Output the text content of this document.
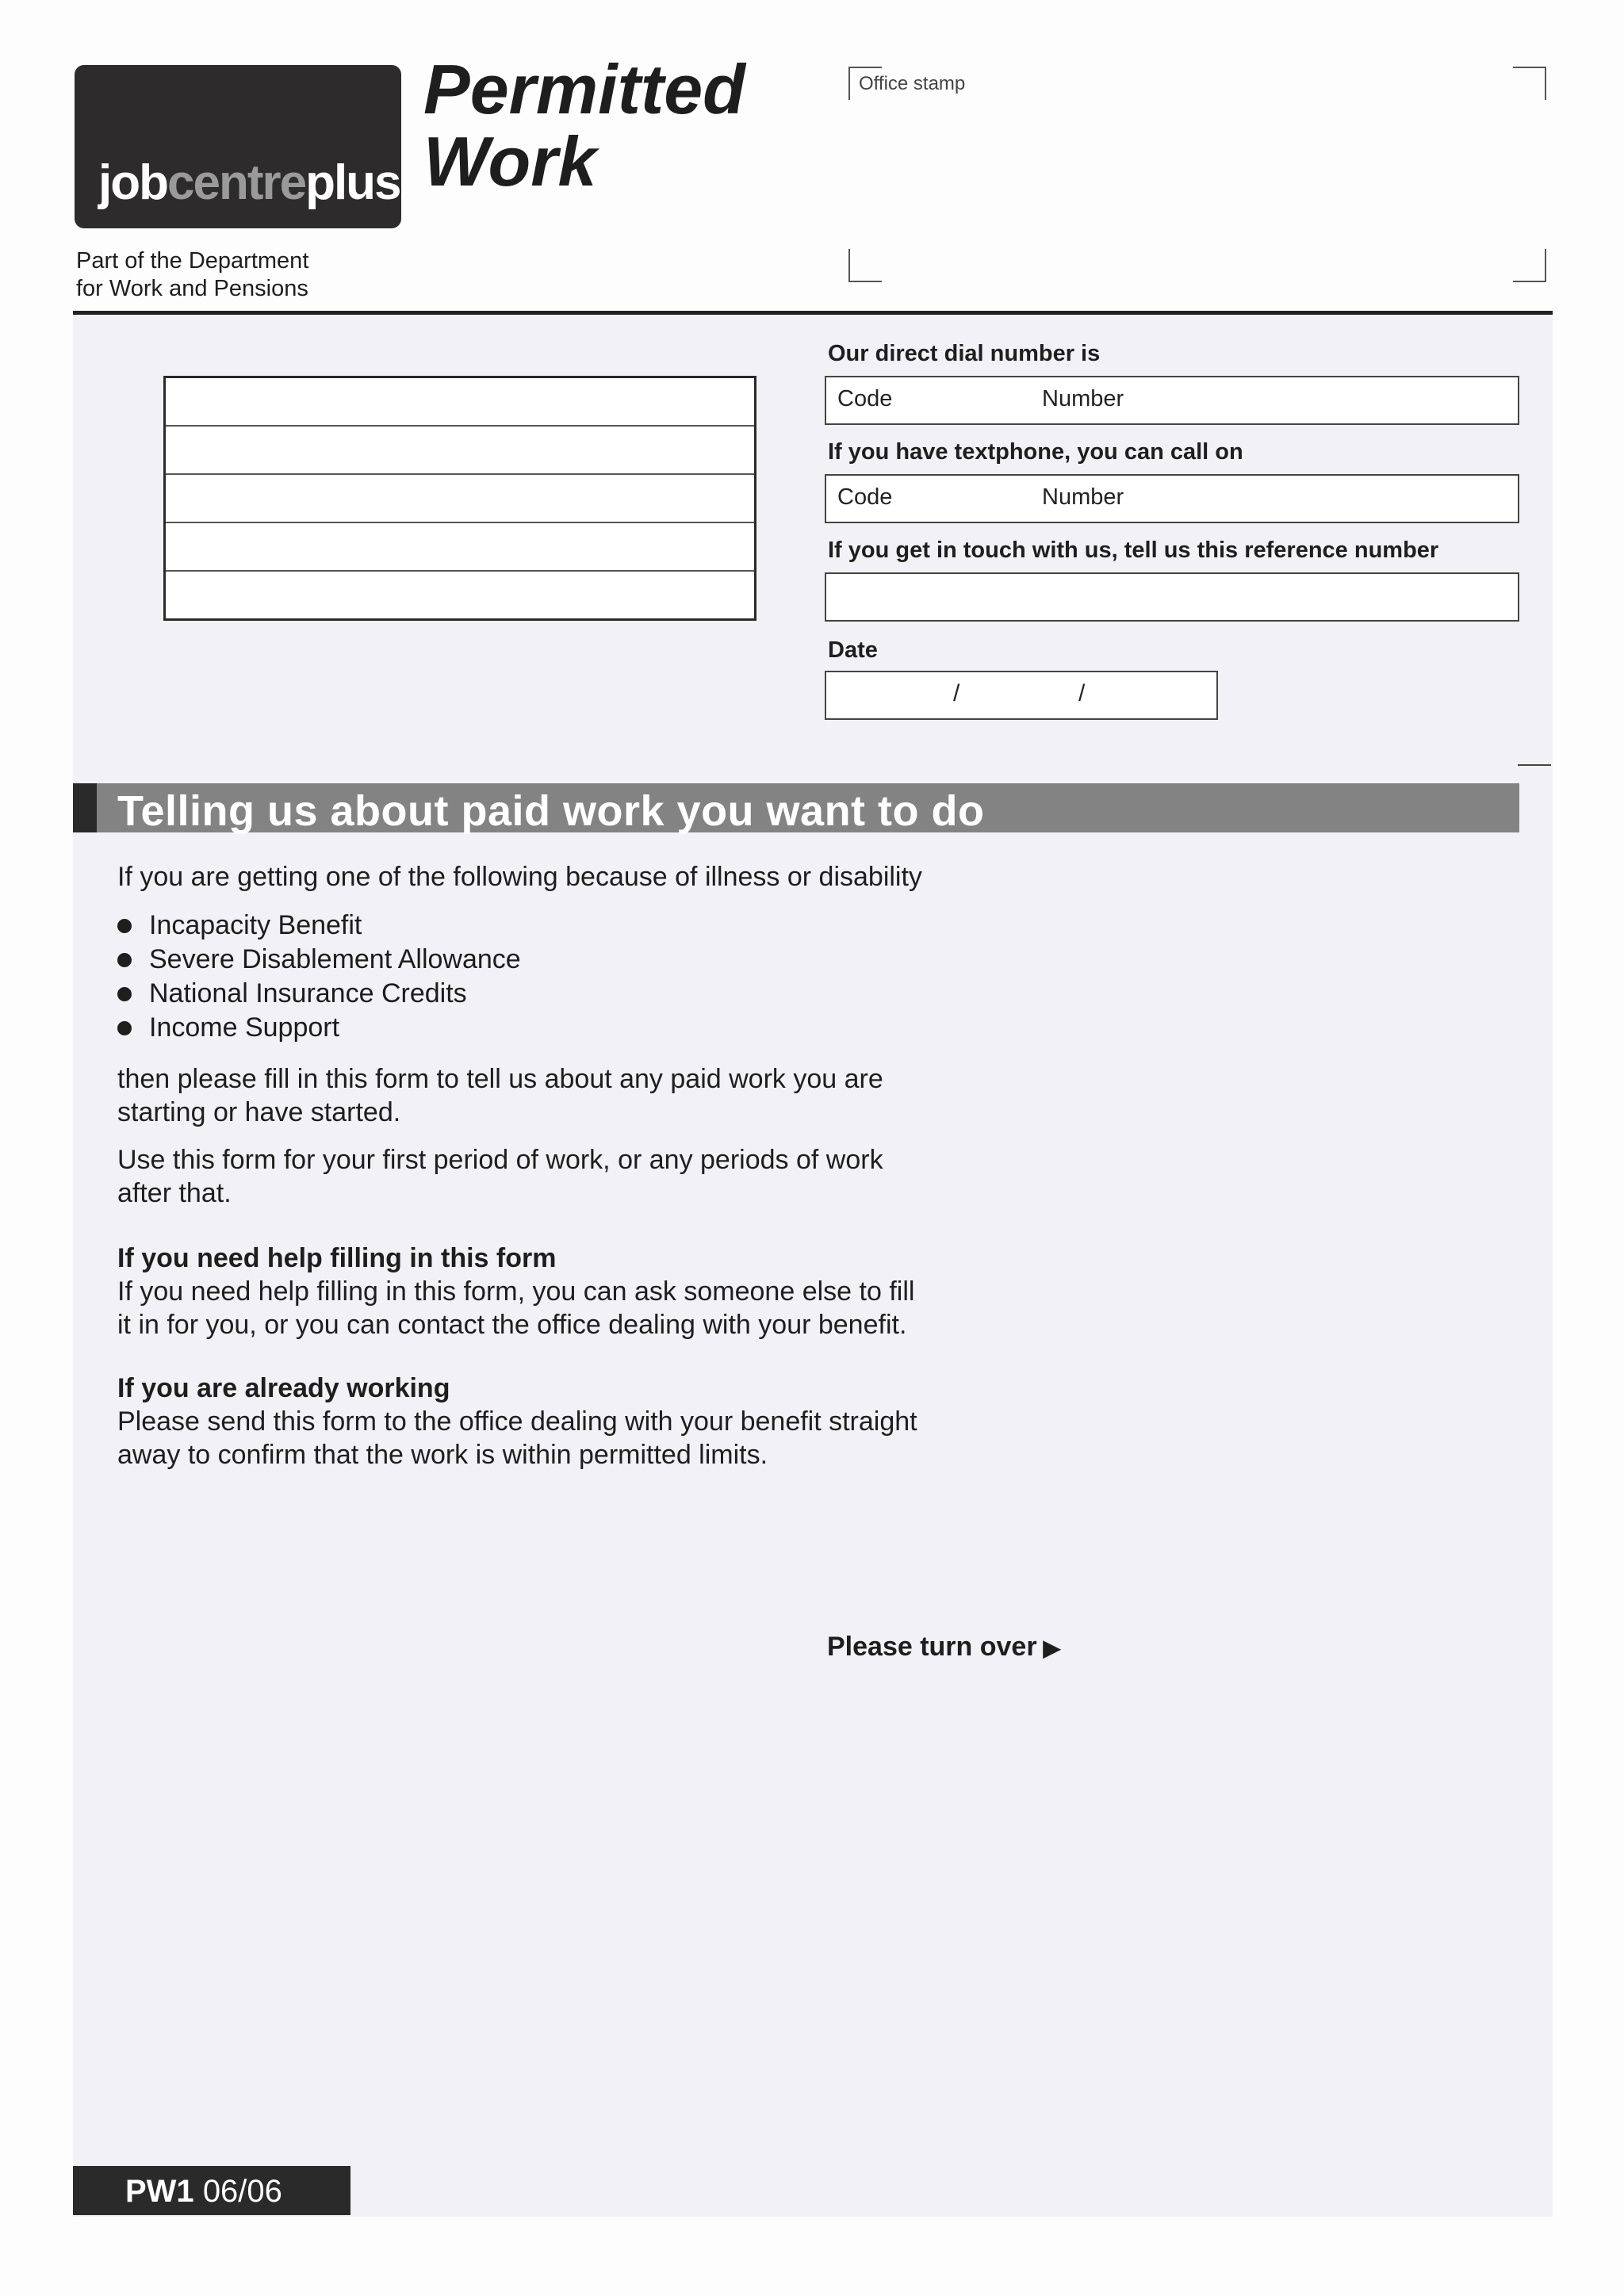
jobcentreplus
Permitted
Work
Part of the Department
for Work and Pensions
Office stamp
Our direct dial number is
Code	Number
If you have textphone, you can call on
Code	Number
If you get in touch with us, tell us this reference number
Date
/	/
Telling us about paid work you want to do
If you are getting one of the following because of illness or disability
Incapacity Benefit
Severe Disablement Allowance
National Insurance Credits
Income Support
then please fill in this form to tell us about any paid work you are
starting or have started.
Use this form for your first period of work, or any periods of work
after that.
If you need help filling in this form
If you need help filling in this form, you can ask someone else to fill
it in for you, or you can contact the office dealing with your benefit.
If you are already working
Please send this form to the office dealing with your benefit straight
away to confirm that the work is within permitted limits.
Please turn over ▶
PW1 06/06
